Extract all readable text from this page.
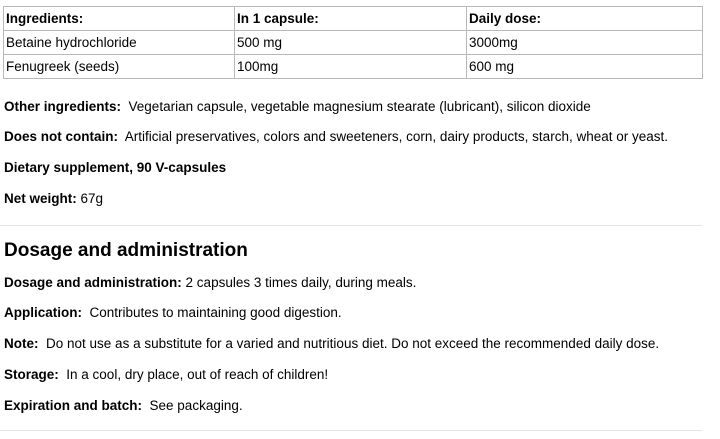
Ingredients:	In 1 capsule:	Daily dose:
Betaine hydrochloride	500 mg	3000mg
Fenugreek (seeds)	100mg	600 mg
Other ingredients: Vegetarian capsule, vegetable magnesium stearate (lubricant), silicon dioxide
Does not contain: Artificial preservatives, colors and sweeteners, corn, dairy products, starch, wheat or yeast.
Dietary supplement, 90 V-capsules
Net weight: 67g
Dosage and administration
Dosage and administration: 2 capsules 3 times daily, during meals.
Application: Contributes to maintaining good digestion.
Note: Do not use as a substitute for a varied and nutritious diet. Do not exceed the recommended daily dose.
Storage: In a cool, dry place, out of reach of children!
Expiration and batch: See packaging.
